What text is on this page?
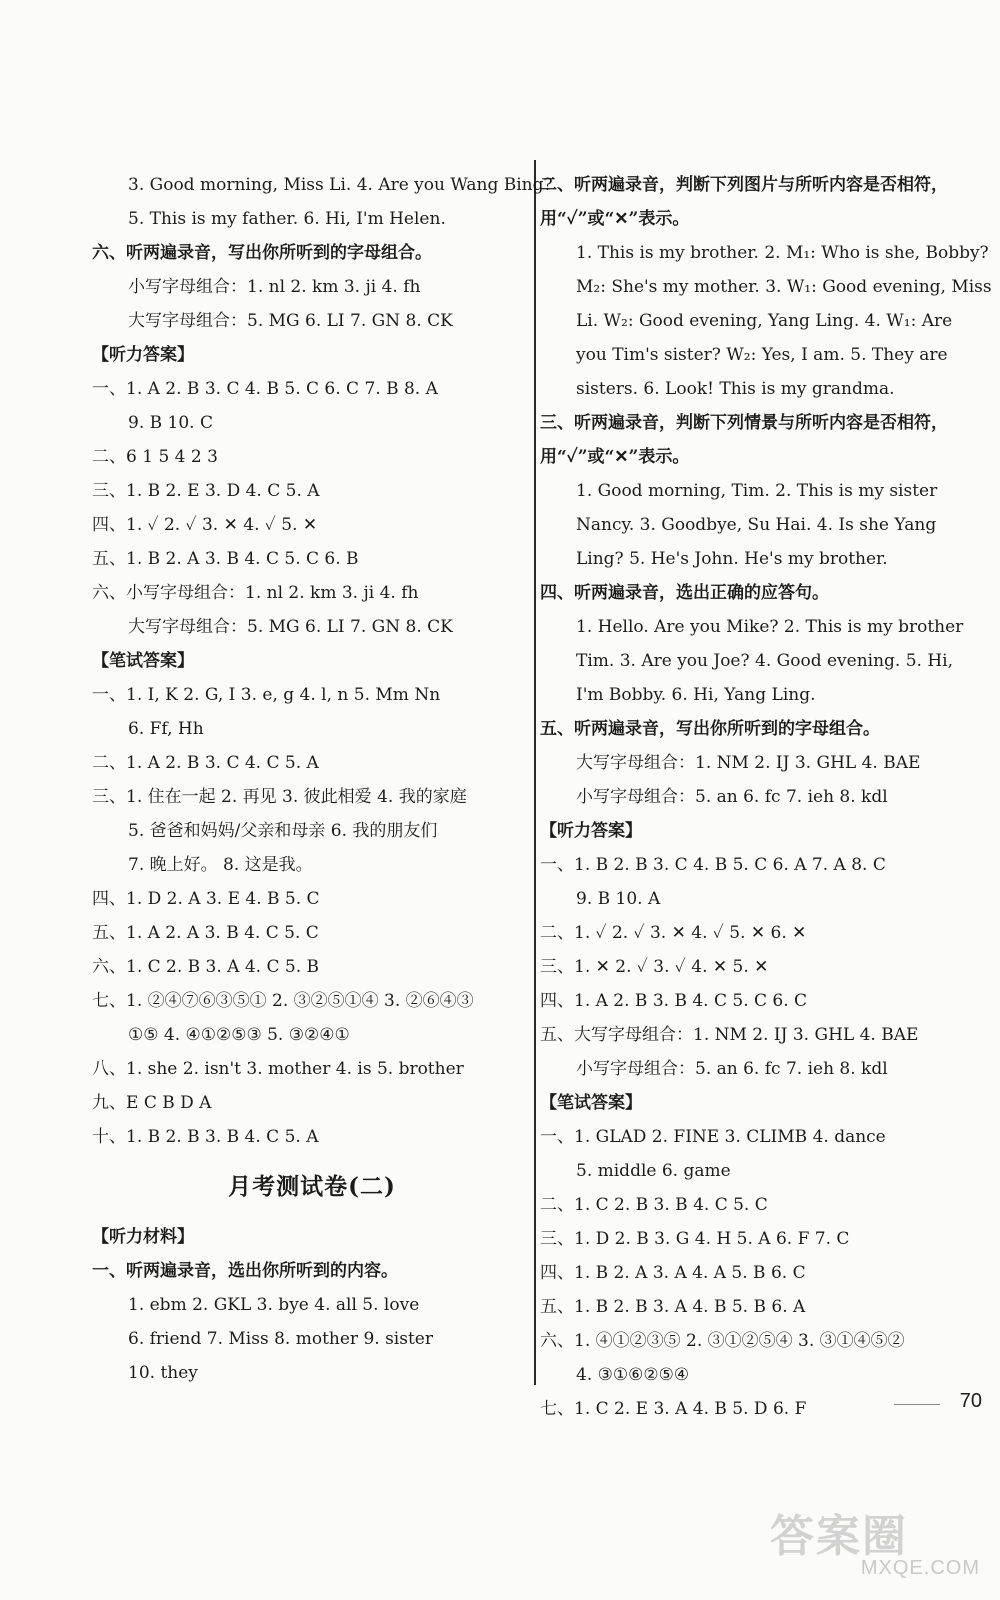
3. Good morning, Miss Li. 4. Are you Wang Bing?
5. This is my father. 6. Hi, I'm Helen.
六、听两遍录音，写出你所听到的字母组合。
小写字母组合：1. nl 2. km 3. ji 4. fh
大写字母组合：5. MG 6. LI 7. GN 8. CK
【听力答案】
一、1. A 2. B 3. C 4. B 5. C 6. C 7. B 8. A
9. B 10. C
二、6 1 5 4 2 3
三、1. B 2. E 3. D 4. C 5. A
四、1. ✓ 2. ✓ 3. ✕ 4. ✓ 5. ✕
五、1. B 2. A 3. B 4. C 5. C 6. B
六、小写字母组合：1. nl 2. km 3. ji 4. fh
大写字母组合：5. MG 6. LI 7. GN 8. CK
【笔试答案】
一、1. I, K 2. G, I 3. e, g 4. l, n 5. Mm Nn
6. Ff, Hh
二、1. A 2. B 3. C 4. C 5. A
三、1. 住在一起 2. 再见 3. 彼此相爱 4. 我的家庭
5. 爸爸和妈妈/父亲和母亲 6. 我的朋友们
7. 晚上好。 8. 这是我。
四、1. D 2. A 3. E 4. B 5. C
五、1. A 2. A 3. B 4. C 5. C
六、1. C 2. B 3. A 4. C 5. B
七、1. ②④⑦⑥③⑤① 2. ③②⑤①④ 3. ②⑥④③
①⑤ 4. ④①②⑤③ 5. ③②④①
八、1. she 2. isn't 3. mother 4. is 5. brother
九、E C B D A
十、1. B 2. B 3. B 4. C 5. A
月考测试卷(二)
【听力材料】
一、听两遍录音，选出你所听到的内容。
1. ebm 2. GKL 3. bye 4. all 5. love
6. friend 7. Miss 8. mother 9. sister
10. they
二、听两遍录音，判断下列图片与所听内容是否相符，
用“✓”或“✕”表示。
1. This is my brother. 2. M₁: Who is she, Bobby?
M₂: She's my mother. 3. W₁: Good evening, Miss
Li. W₂: Good evening, Yang Ling. 4. W₁: Are
you Tim's sister? W₂: Yes, I am. 5. They are
sisters. 6. Look! This is my grandma.
三、听两遍录音，判断下列情景与所听内容是否相符，
用“✓”或“✕”表示。
1. Good morning, Tim. 2. This is my sister
Nancy. 3. Goodbye, Su Hai. 4. Is she Yang
Ling? 5. He's John. He's my brother.
四、听两遍录音，选出正确的应答句。
1. Hello. Are you Mike? 2. This is my brother
Tim. 3. Are you Joe? 4. Good evening. 5. Hi,
I'm Bobby. 6. Hi, Yang Ling.
五、听两遍录音，写出你所听到的字母组合。
大写字母组合：1. NM 2. IJ 3. GHL 4. BAE
小写字母组合：5. an 6. fc 7. ieh 8. kdl
【听力答案】
一、1. B 2. B 3. C 4. B 5. C 6. A 7. A 8. C
9. B 10. A
二、1. ✓ 2. ✓ 3. ✕ 4. ✓ 5. ✕ 6. ✕
三、1. ✕ 2. ✓ 3. ✓ 4. ✕ 5. ✕
四、1. A 2. B 3. B 4. C 5. C 6. C
五、大写字母组合：1. NM 2. IJ 3. GHL 4. BAE
小写字母组合：5. an 6. fc 7. ieh 8. kdl
【笔试答案】
一、1. GLAD 2. FINE 3. CLIMB 4. dance
5. middle 6. game
二、1. C 2. B 3. B 4. C 5. C
三、1. D 2. B 3. G 4. H 5. A 6. F 7. C
四、1. B 2. A 3. A 4. A 5. B 6. C
五、1. B 2. B 3. A 4. B 5. B 6. A
六、1. ④①②③⑤ 2. ③①②⑤④ 3. ③①④⑤②
4. ③①⑥②⑤④
七、1. C 2. E 3. A 4. B 5. D 6. F	70
答案圈
MXQE.COM
